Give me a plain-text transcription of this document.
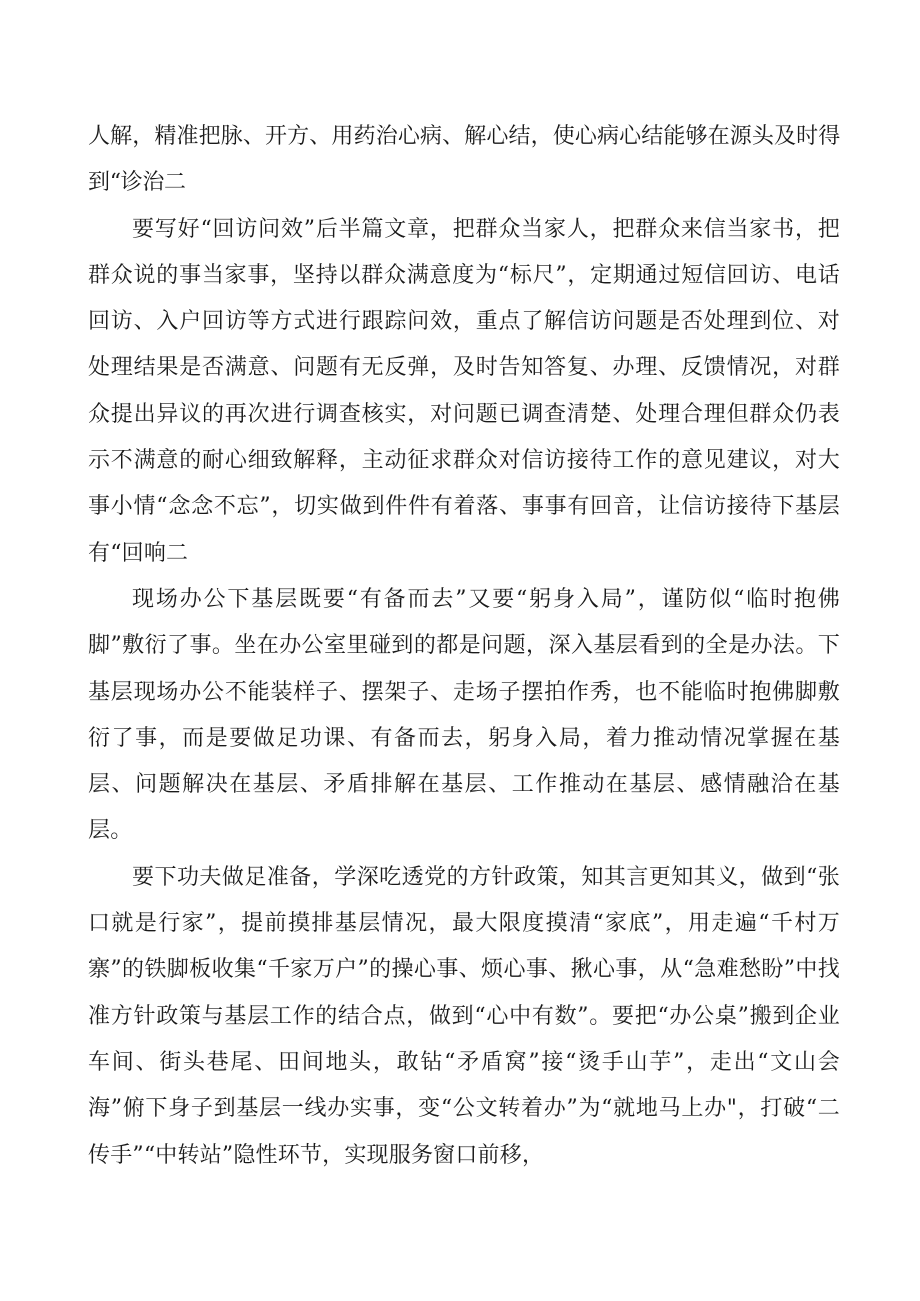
人解，精准把脉、开方、用药治心病、解心结，使心病心结能够在源头及时得到“诊治二

要写好“回访问效”后半篇文章，把群众当家人，把群众来信当家书，把群众说的事当家事，坚持以群众满意度为“标尺”，定期通过短信回访、电话回访、入户回访等方式进行跟踪问效，重点了解信访问题是否处理到位、对处理结果是否满意、问题有无反弹，及时告知答复、办理、反馈情况，对群众提出异议的再次进行调查核实，对问题已调查清楚、处理合理但群众仍表示不满意的耐心细致解释，主动征求群众对信访接待工作的意见建议，对大事小情“念念不忘”，切实做到件件有着落、事事有回音，让信访接待下基层有“回响二

现场办公下基层既要“有备而去”又要“躬身入局”，谨防似“临时抱佛脚”敷衍了事。坐在办公室里碰到的都是问题，深入基层看到的全是办法。下基层现场办公不能装样子、摆架子、走场子摆拍作秀，也不能临时抱佛脚敷衍了事，而是要做足功课、有备而去，躬身入局，着力推动情况掌握在基层、问题解决在基层、矛盾排解在基层、工作推动在基层、感情融洽在基层。

要下功夫做足准备，学深吃透党的方针政策，知其言更知其义，做到“张口就是行家”，提前摸排基层情况，最大限度摸清“家底”，用走遍“千村万寨”的铁脚板收集“千家万户”的操心事、烦心事、揪心事，从“急难愁盼”中找准方针政策与基层工作的结合点，做到“心中有数”。要把“办公桌”搬到企业车间、街头巷尾、田间地头，敢钻“矛盾窝”接“烫手山芋”，走出“文山会海”俯下身子到基层一线办实事，变“公文转着办”为“就地马上办"，打破“二传手”“中转站”隐性环节，实现服务窗口前移，
